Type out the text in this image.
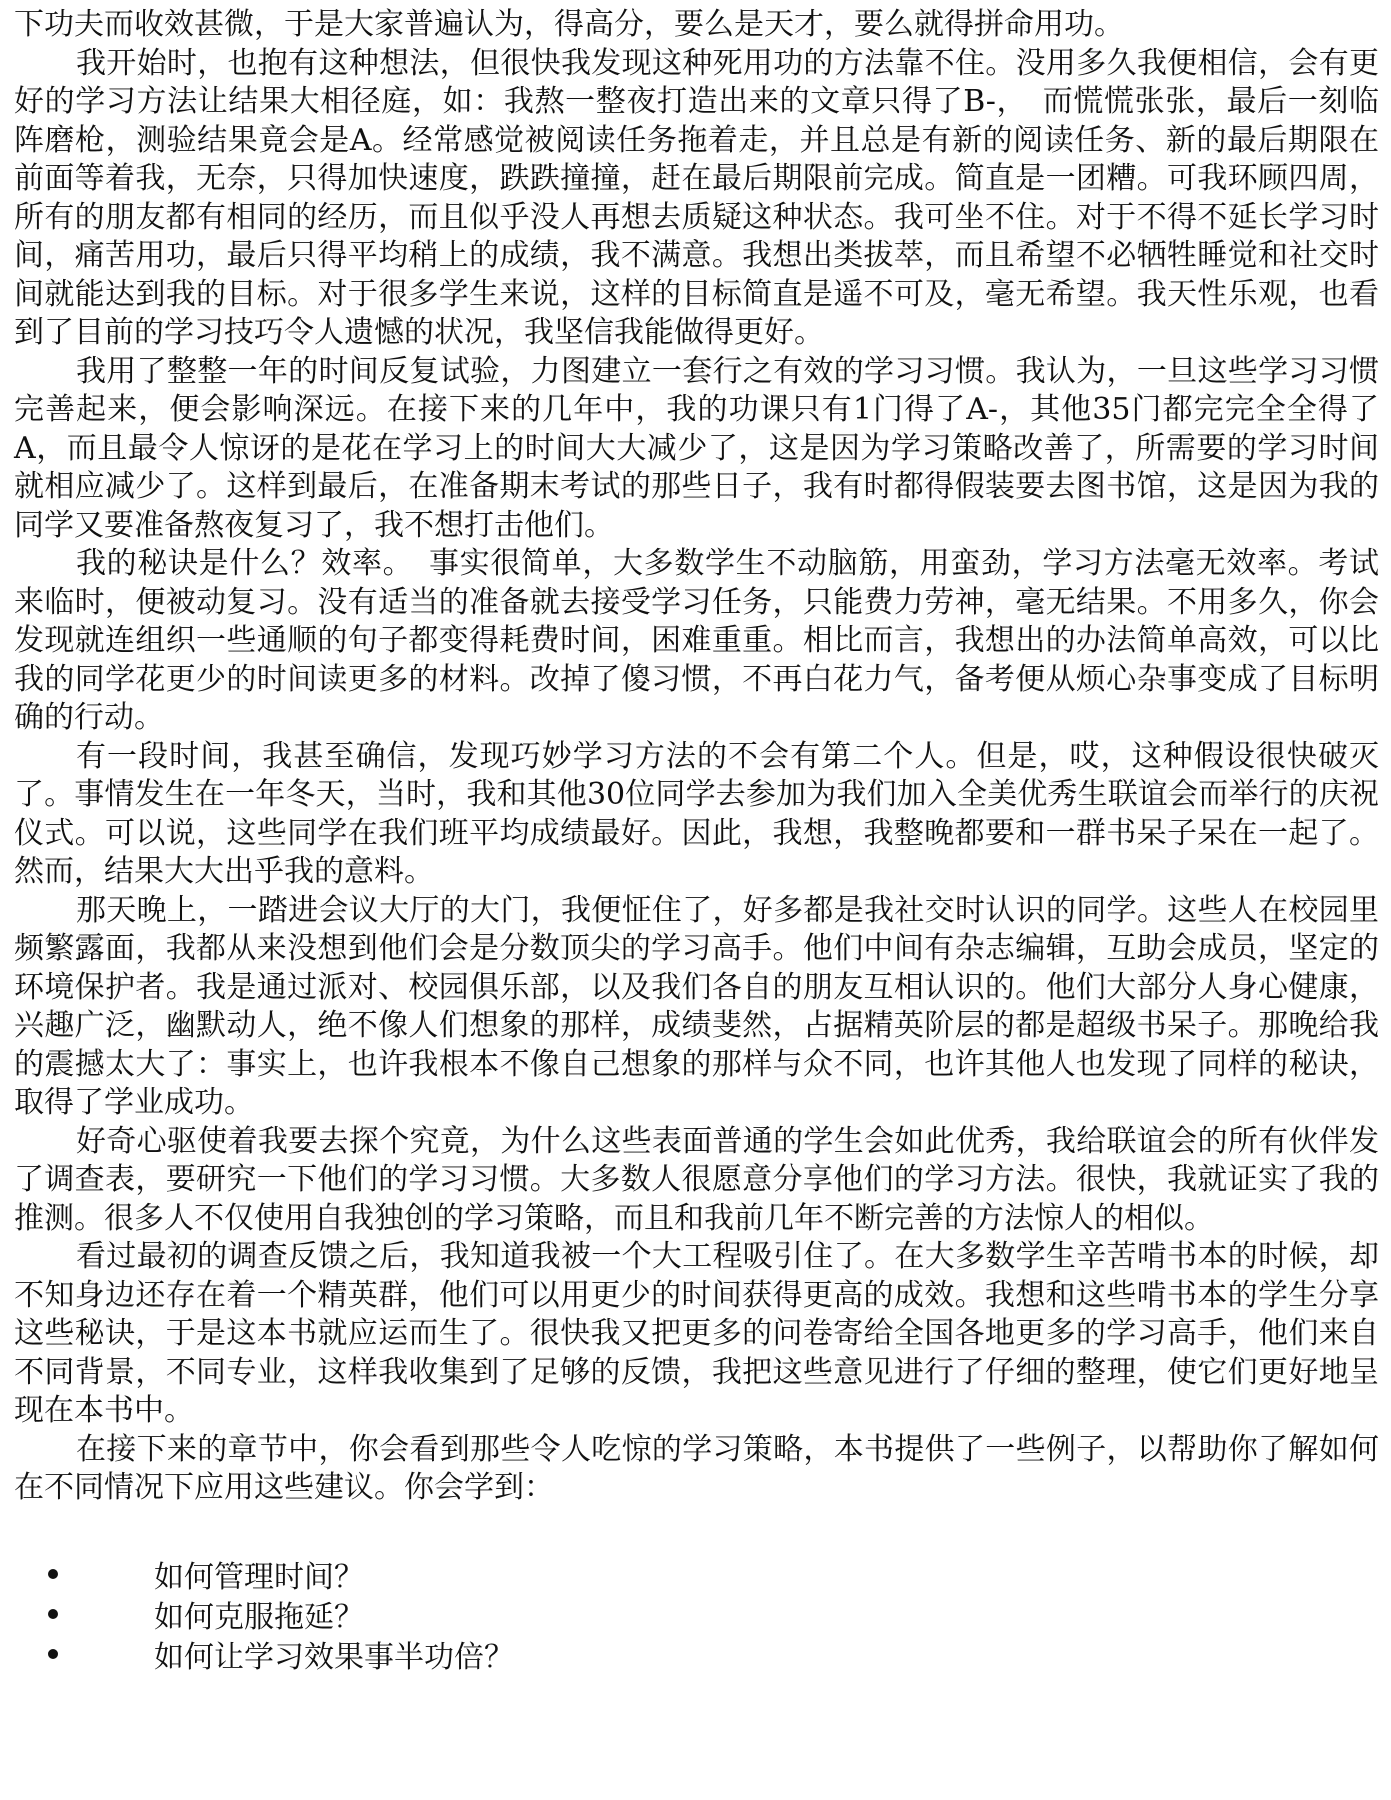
下功夫而收效甚微，于是大家普遍认为，得高分，要么是天才，要么就得拼命用功。

我开始时，也抱有这种想法，但很快我发现这种死用功的方法靠不住。没用多久我便相信，会有更好的学习方法让结果大相径庭，如：我熬一整夜打造出来的文章只得了B-，　而慌慌张张，最后一刻临阵磨枪，测验结果竟会是A。经常感觉被阅读任务拖着走，并且总是有新的阅读任务、新的最后期限在前面等着我，无奈，只得加快速度，跌跌撞撞，赶在最后期限前完成。简直是一团糟。可我环顾四周，所有的朋友都有相同的经历，而且似乎没人再想去质疑这种状态。我可坐不住。对于不得不延长学习时间，痛苦用功，最后只得平均稍上的成绩，我不满意。我想出类拔萃，而且希望不必牺牲睡觉和社交时间就能达到我的目标。对于很多学生来说，这样的目标简直是遥不可及，毫无希望。我天性乐观，也看到了目前的学习技巧令人遗憾的状况，我坚信我能做得更好。

我用了整整一年的时间反复试验，力图建立一套行之有效的学习习惯。我认为，一旦这些学习习惯完善起来，便会影响深远。在接下来的几年中，我的功课只有1门得了A-，其他35门都完完全全得了A，而且最令人惊讶的是花在学习上的时间大大减少了，这是因为学习策略改善了，所需要的学习时间就相应减少了。这样到最后，在准备期末考试的那些日子，我有时都得假装要去图书馆，这是因为我的同学又要准备熬夜复习了，我不想打击他们。

我的秘诀是什么？效率。　事实很简单，大多数学生不动脑筋，用蛮劲，学习方法毫无效率。考试来临时，便被动复习。没有适当的准备就去接受学习任务，只能费力劳神，毫无结果。不用多久，你会发现就连组织一些通顺的句子都变得耗费时间，困难重重。相比而言，我想出的办法简单高效，可以比我的同学花更少的时间读更多的材料。改掉了傻习惯，不再白花力气，备考便从烦心杂事变成了目标明确的行动。

有一段时间，我甚至确信，发现巧妙学习方法的不会有第二个人。但是，哎，这种假设很快破灭了。事情发生在一年冬天，当时，我和其他30位同学去参加为我们加入全美优秀生联谊会而举行的庆祝仪式。可以说，这些同学在我们班平均成绩最好。因此，我想，我整晚都要和一群书呆子呆在一起了。然而，结果大大出乎我的意料。

那天晚上，一踏进会议大厅的大门，我便怔住了，好多都是我社交时认识的同学。这些人在校园里频繁露面，我都从来没想到他们会是分数顶尖的学习高手。他们中间有杂志编辑，互助会成员，坚定的环境保护者。我是通过派对、校园俱乐部，以及我们各自的朋友互相认识的。他们大部分人身心健康，兴趣广泛，幽默动人，绝不像人们想象的那样，成绩斐然，占据精英阶层的都是超级书呆子。那晚给我的震撼太大了：事实上，也许我根本不像自己想象的那样与众不同，也许其他人也发现了同样的秘诀，取得了学业成功。

好奇心驱使着我要去探个究竟，为什么这些表面普通的学生会如此优秀，我给联谊会的所有伙伴发了调查表，要研究一下他们的学习习惯。大多数人很愿意分享他们的学习方法。很快，我就证实了我的推测。很多人不仅使用自我独创的学习策略，而且和我前几年不断完善的方法惊人的相似。

看过最初的调查反馈之后，我知道我被一个大工程吸引住了。在大多数学生辛苦啃书本的时候，却不知身边还存在着一个精英群，他们可以用更少的时间获得更高的成效。我想和这些啃书本的学生分享这些秘诀，于是这本书就应运而生了。很快我又把更多的问卷寄给全国各地更多的学习高手，他们来自不同背景，不同专业，这样我收集到了足够的反馈，我把这些意见进行了仔细的整理，使它们更好地呈现在本书中。

在接下来的章节中，你会看到那些令人吃惊的学习策略，本书提供了一些例子，以帮助你了解如何在不同情况下应用这些建议。你会学到：

如何管理时间？
如何克服拖延？
如何让学习效果事半功倍？
